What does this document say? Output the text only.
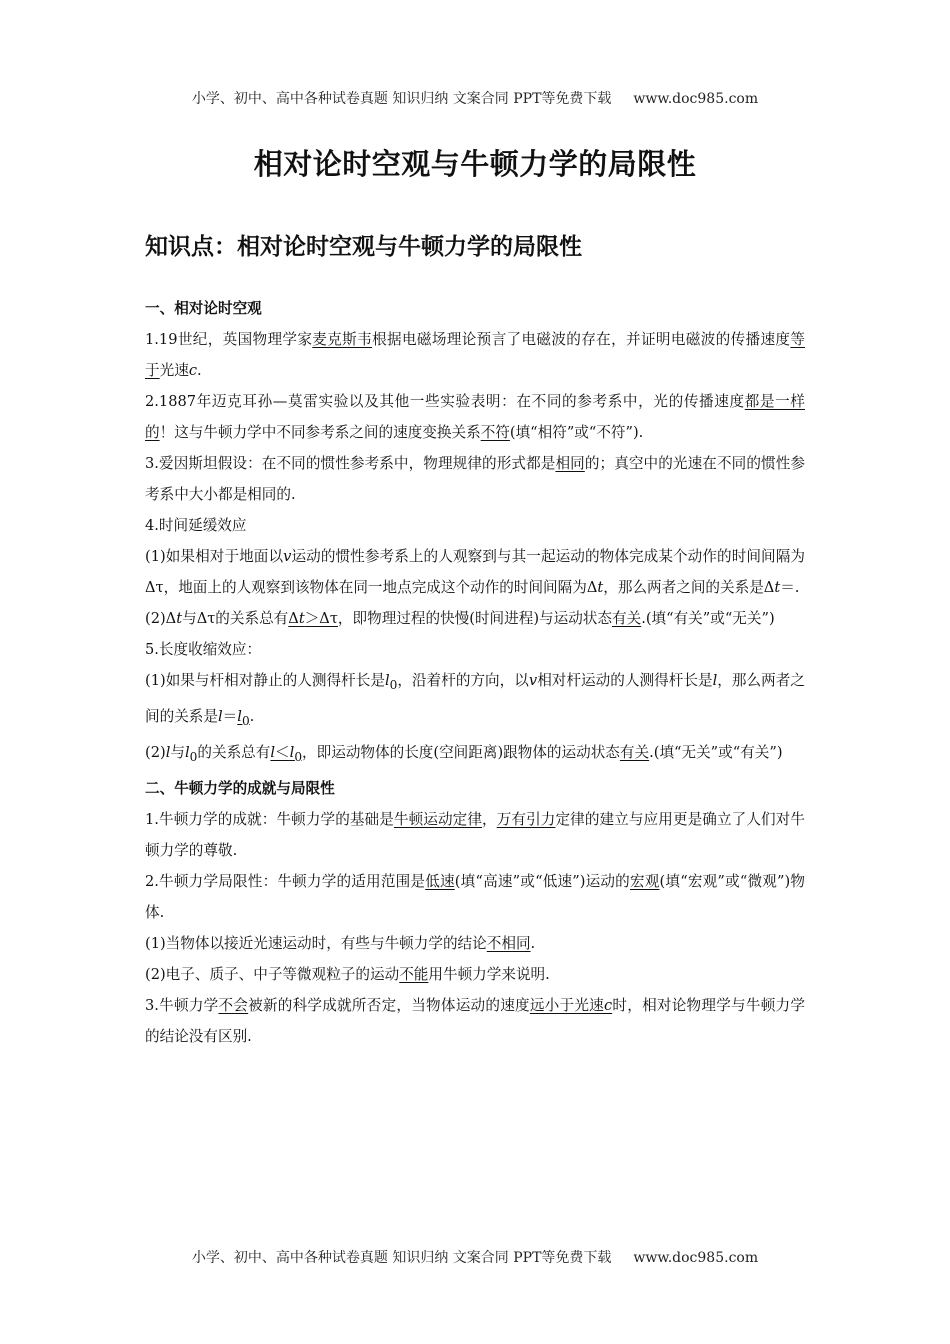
小学、初中、高中各种试卷真题 知识归纳 文案合同 PPT等免费下载 www.doc985.com
相对论时空观与牛顿力学的局限性
知识点：相对论时空观与牛顿力学的局限性

一、相对论时空观

1.19世纪，英国物理学家麦克斯韦根据电磁场理论预言了电磁波的存在，并证明电磁波的传播速度等于光速c.

2.1887年迈克耳孙—莫雷实验以及其他一些实验表明：在不同的参考系中，光的传播速度都是一样的！这与牛顿力学中不同参考系之间的速度变换关系不符(填“相符”或“不符”).

3.爱因斯坦假设：在不同的惯性参考系中，物理规律的形式都是相同的；真空中的光速在不同的惯性参考系中大小都是相同的.

4.时间延缓效应

(1)如果相对于地面以v运动的惯性参考系上的人观察到与其一起运动的物体完成某个动作的时间间隔为Δτ，地面上的人观察到该物体在同一地点完成这个动作的时间间隔为Δt，那么两者之间的关系是Δt＝.

(2)Δt与Δτ的关系总有Δt＞Δτ，即物理过程的快慢(时间进程)与运动状态有关.(填“有关”或“无关”)

5.长度收缩效应：

(1)如果与杆相对静止的人测得杆长是$l_0$，沿着杆的方向，以v相对杆运动的人测得杆长是l，那么两者之间的关系是$l=l_0$.

(2)l与$l_0$的关系总有$l<l_0$，即运动物体的长度(空间距离)跟物体的运动状态有关.(填“无关”或“有关”)

二、牛顿力学的成就与局限性

1.牛顿力学的成就：牛顿力学的基础是牛顿运动定律，万有引力定律的建立与应用更是确立了人们对牛顿力学的尊敬.

2.牛顿力学局限性：牛顿力学的适用范围是低速(填“高速”或“低速”)运动的宏观(填“宏观”或“微观”)物体.

(1)当物体以接近光速运动时，有些与牛顿力学的结论不相同.

(2)电子、质子、中子等微观粒子的运动不能用牛顿力学来说明.

3.牛顿力学不会被新的科学成就所否定，当物体运动的速度远小于光速c时，相对论物理学与牛顿力学的结论没有区别.

小学、初中、高中各种试卷真题 知识归纳 文案合同 PPT等免费下载 www.doc985.com
